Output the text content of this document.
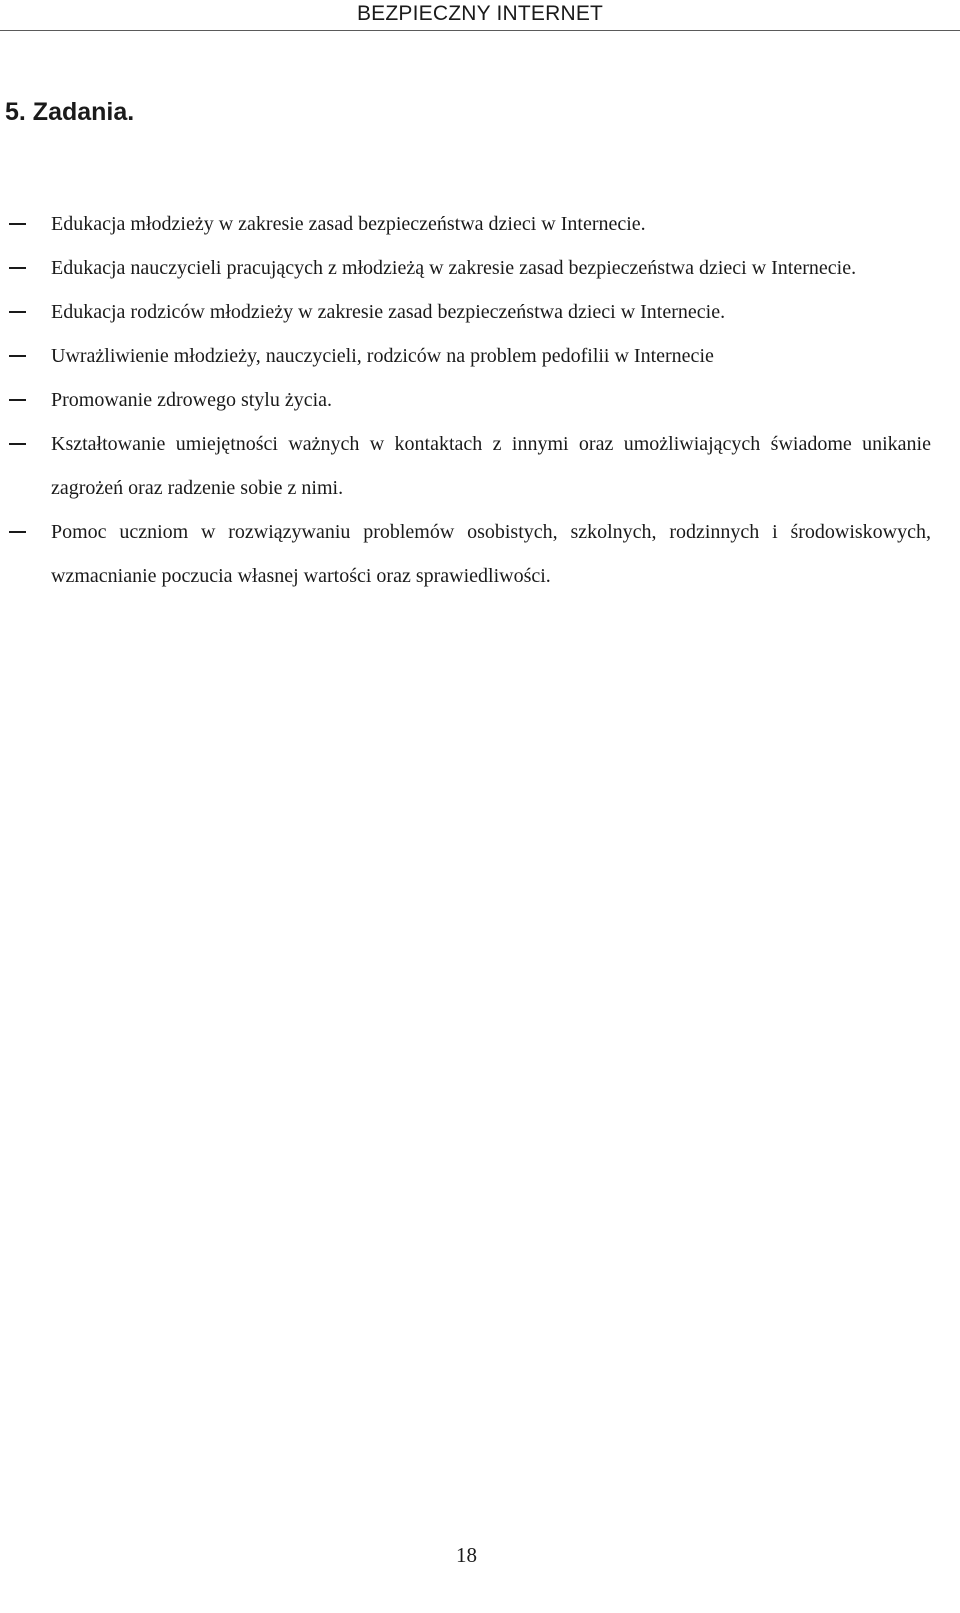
BEZPIECZNY INTERNET
5. Zadania.
Edukacja młodzieży w zakresie zasad bezpieczeństwa dzieci w Internecie.
Edukacja nauczycieli pracujących z młodzieżą w zakresie zasad bezpieczeństwa dzieci w Internecie.
Edukacja rodziców młodzieży w zakresie zasad bezpieczeństwa dzieci w Internecie.
Uwrażliwienie młodzieży, nauczycieli, rodziców na problem pedofilii w Internecie
Promowanie zdrowego stylu życia.
Kształtowanie umiejętności ważnych w kontaktach z innymi oraz umożliwiających świadome unikanie zagrożeń oraz radzenie sobie z nimi.
Pomoc uczniom w rozwiązywaniu problemów osobistych, szkolnych, rodzinnych i środowiskowych, wzmacnianie poczucia własnej wartości oraz sprawiedliwości.
18
